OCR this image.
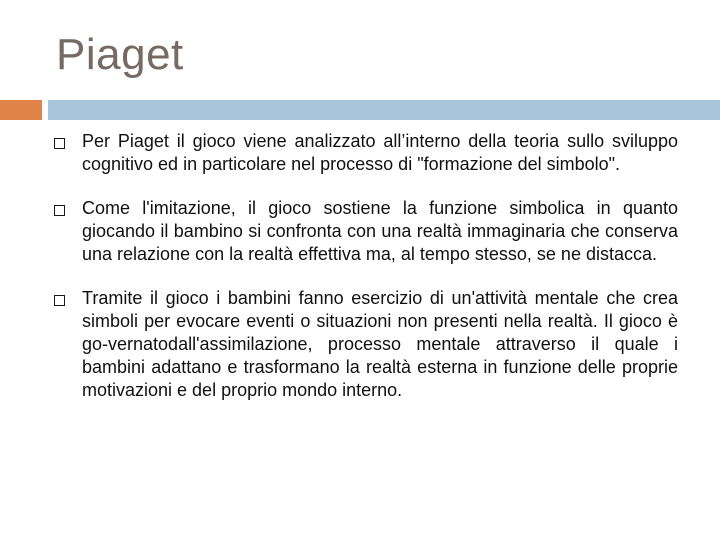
Piaget
Per Piaget il gioco viene analizzato all’interno della teoria sullo sviluppo cognitivo ed in particolare nel processo di "formazione del simbolo".
Come l'imitazione, il gioco sostiene la funzione simbolica in quanto giocando il bambino si confronta con una realtà immaginaria che conserva una relazione con la realtà effettiva ma, al tempo stesso, se ne distacca.
Tramite il gioco i bambini fanno esercizio di un'attività mentale che crea simboli per evocare eventi o situazioni non presenti nella realtà. Il gioco è go-vernatodall'assimilazione, processo mentale attraverso il quale i bambini adattano e trasformano la realtà esterna in funzione delle proprie motivazioni e del proprio mondo interno.
